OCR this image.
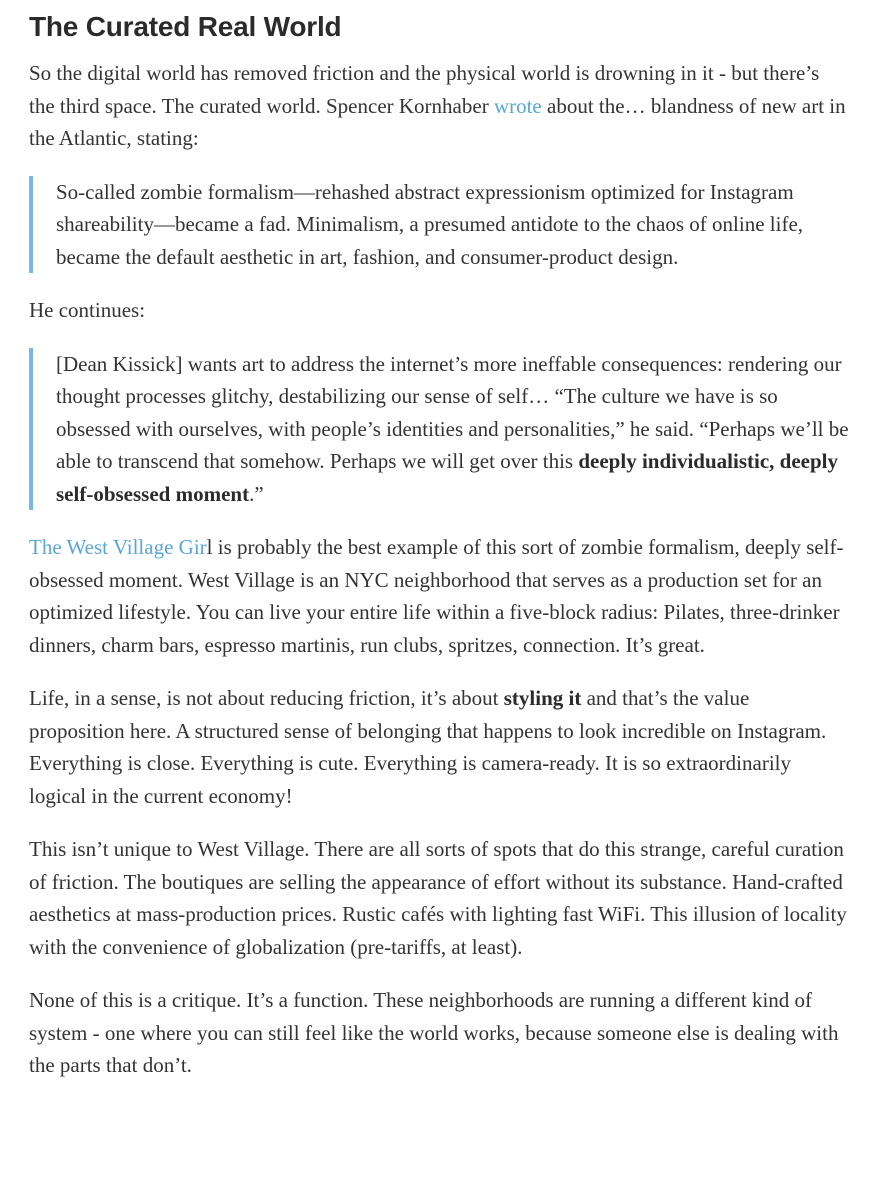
The Curated Real World

So the digital world has removed friction and the physical world is drowning in it - but there’s the third space. The curated world. Spencer Kornhaber wrote about the… blandness of new art in the Atlantic, stating:

So-called zombie formalism—rehashed abstract expressionism optimized for Instagram shareability—became a fad. Minimalism, a presumed antidote to the chaos of online life, became the default aesthetic in art, fashion, and consumer-product design.

He continues:

[Dean Kissick] wants art to address the internet’s more ineffable consequences: rendering our thought processes glitchy, destabilizing our sense of self… “The culture we have is so obsessed with ourselves, with people’s identities and personalities,” he said. “Perhaps we’ll be able to transcend that somehow. Perhaps we will get over this deeply individualistic, deeply self-obsessed moment.”

The West Village Girl is probably the best example of this sort of zombie formalism, deeply self-obsessed moment. West Village is an NYC neighborhood that serves as a production set for an optimized lifestyle. You can live your entire life within a five-block radius: Pilates, three-drinker dinners, charm bars, espresso martinis, run clubs, spritzes, connection. It’s great.

Life, in a sense, is not about reducing friction, it’s about styling it and that’s the value proposition here. A structured sense of belonging that happens to look incredible on Instagram. Everything is close. Everything is cute. Everything is camera-ready. It is so extraordinarily logical in the current economy!

This isn’t unique to West Village. There are all sorts of spots that do this strange, careful curation of friction. The boutiques are selling the appearance of effort without its substance. Hand-crafted aesthetics at mass-production prices. Rustic cafés with lighting fast WiFi. This illusion of locality with the convenience of globalization (pre-tariffs, at least).

None of this is a critique. It’s a function. These neighborhoods are running a different kind of system - one where you can still feel like the world works, because someone else is dealing with the parts that don’t.
